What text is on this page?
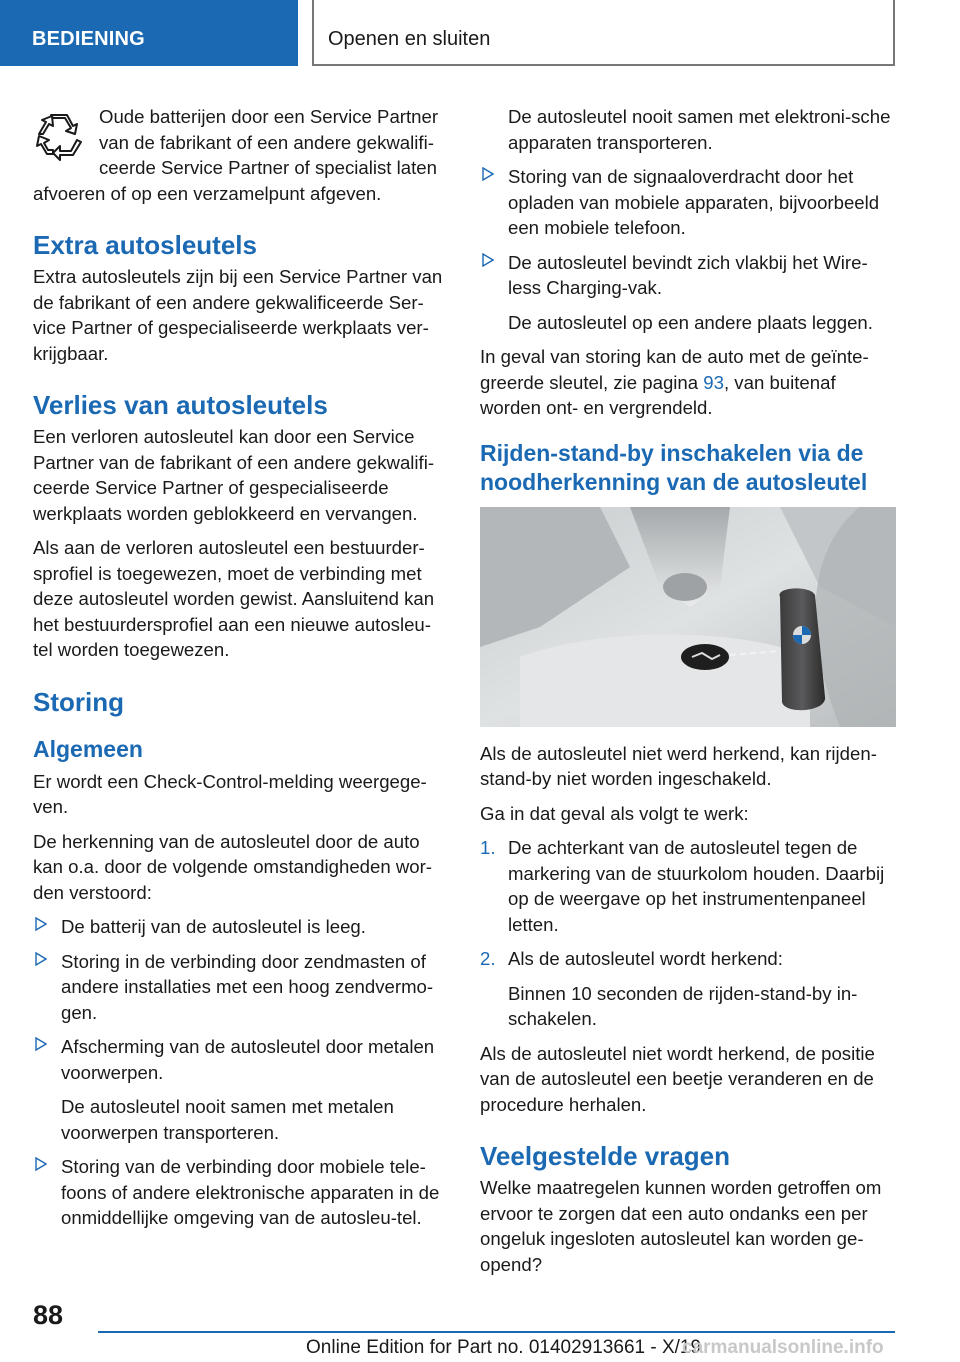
BEDIENING	Openen en sluiten
Oude batterijen door een Service Partner
van de fabrikant of een andere gekwalifi‐
ceerde Service Partner of specialist laten
afvoeren of op een verzamelpunt afgeven.
Extra autosleutels

Extra autosleutels zijn bij een Service Partner van de fabrikant of een andere gekwalificeerde Ser‐vice Partner of gespecialiseerde werkplaats ver‐krijgbaar.

Verlies van autosleutels

Een verloren autosleutel kan door een Service Partner van de fabrikant of een andere gekwalifi‐ceerde Service Partner of gespecialiseerde werkplaats worden geblokkeerd en vervangen.

Als aan de verloren autosleutel een bestuurder‐sprofiel is toegewezen, moet de verbinding met deze autosleutel worden gewist. Aansluitend kan het bestuurdersprofiel aan een nieuwe autosleu‐tel worden toegewezen.

Storing
Algemeen

Er wordt een Check-Control-melding weergege‐ven.

De herkenning van de autosleutel door de auto kan o.a. door de volgende omstandigheden wor‐den verstoord:

De batterij van de autosleutel is leeg.
Storing in de verbinding door zendmasten of andere installaties met een hoog zendvermo‐gen.
Afscherming van de autosleutel door metalen voorwerpen.
De autosleutel nooit samen met metalen voorwerpen transporteren.
Storing van de verbinding door mobiele tele‐foons of andere elektronische apparaten in de onmiddellijke omgeving van de autosleu‐tel.
De autosleutel nooit samen met elektroni‐sche apparaten transporteren.
Storing van de signaaloverdracht door het opladen van mobiele apparaten, bijvoorbeeld een mobiele telefoon.
De autosleutel bevindt zich vlakbij het Wire‐less Charging-vak.
De autosleutel op een andere plaats leggen.

In geval van storing kan de auto met de geïnte‐greerde sleutel, zie pagina 93, van buitenaf worden ont- en vergrendeld.

Rijden-stand-by inschakelen via de noodherkenning van de autosleutel

Als de autosleutel niet werd herkend, kan rijden‐stand-by niet worden ingeschakeld.

Ga in dat geval als volgt te werk:

1. De achterkant van de autosleutel tegen de markering van de stuurkolom houden. Daarbij op de weergave op het instrumentenpaneel letten.
2. Als de autosleutel wordt herkend:
Binnen 10 seconden de rijden-stand-by in‐schakelen.

Als de autosleutel niet wordt herkend, de positie van de autosleutel een beetje veranderen en de procedure herhalen.

Veelgestelde vragen

Welke maatregelen kunnen worden getroffen om ervoor te zorgen dat een auto ondanks een per ongeluk ingesloten autosleutel kan worden ge‐opend?

88
Online Edition for Part no. 01402913661 - X/19
carmanualsonline.info
